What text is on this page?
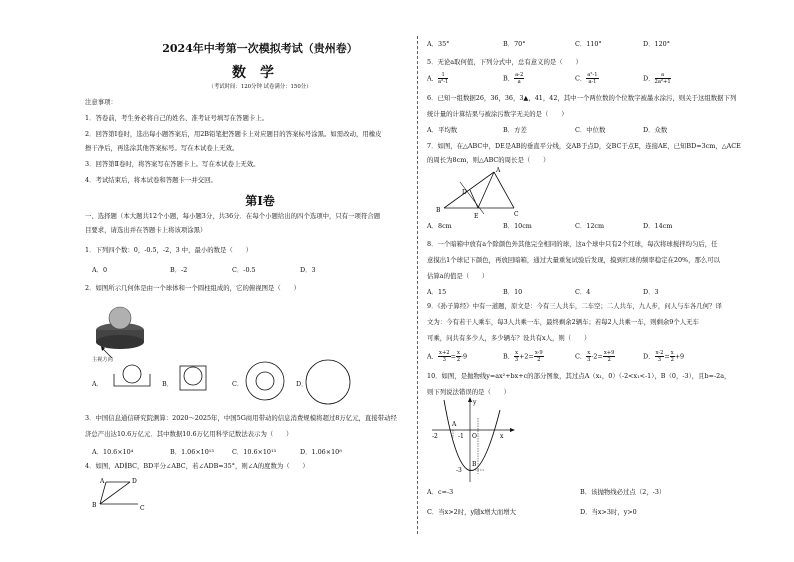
2024年中考第一次模拟考试（贵州卷）
数学
（考试时间：120分钟 试卷满分：150分）
注意事项：
1．答卷前，考生务必将自己的姓名、准考证号填写在答题卡上。
2．回答第Ⅰ卷时，选出每小题答案后，用2B铅笔把答题卡上对应题目的答案标号涂黑。如需改动，用橡皮
擦干净后，再选涂其他答案标号。写在本试卷上无效。
3．回答第Ⅱ卷时，将答案写在答题卡上。写在本试卷上无效。
4．考试结束后，将本试卷和答题卡一并交回。
第Ⅰ卷
一、选择题（本大题共12个小题，每小题3分，共36分．在每个小题给出的四个选项中，只有一项符合题
目要求，请选出并在答题卡上将该项涂黑）
1．下列四个数：0，-0.5，-2，3 中，最小的数是（　　）
A．0	B．-2	C．-0.5	D．3
2．如图所示几何体是由一个球体和一个圆柱组成的，它的俯视图是（　　）
主视方向
A．	B．	C．	D．
3．中国信息通信研究院测算：2020～2025年，中国5G商用带动的信息消费规模将超过8万亿元，直接带动经
济总产出达10.6万亿元．其中数据10.6万亿用科学记数法表示为（　　）
A．10.6×10⁴	B．1.06×10¹³	C．10.6×10¹³	D．1.06×10⁸
4．如图，AD∥BC，BD平分∠ABC，若∠ADB=35°，则∠A的度数为（　　）
A	D
B	C
A．35°	B．70°	C．110°	D．120°
5．无论a取何值，下列分式中，总有意义的是（　　）
A． $\frac{1}{\text{a²-1}}$	B． $\frac{a-2}{a}$	C． $\frac{\text{a²-1}}{a-1}$	D． $\frac{a}{\text{2a²+1}}$
6．已知一组数据26，36，36，3▲，41，42，其中一个两位数的个位数字被墨水涂污，则关于这组数据下列
统计量的计算结果与被涂污数字无关的是（　　）
A．平均数	B．方差	C．中位数	D．众数
7．如图，在△ABC中，DE是AB的垂直平分线，交AB于点D，交BC于点E，连接AE，已知BD=3cm，△ACE
的周长为8cm，则△ABC的周长是（　　）
A
D
B
E	C
A．8cm	B．10cm	C．12cm	D．14cm
8．一个暗箱中放有a个除颜色外其他完全相同的球，这a个球中只有2个红球，每次将球搅拌均匀后，任
意摸出1个球记下颜色，再放回暗箱，通过大量重复试验后发现，摸到红球的频率稳定在20%，那么可以
估算a的值是（　　）
A．15	B．10	C．4	D．3
9．《孙子算经》中有一道题，原文是：今有三人共车，二车空；二人共车，九人步，问人与车各几何？译
文为：今有若干人乘车，每3人共乘一车，最终剩余2辆车；若每2人共乘一车，则剩余9个人无车
可乘，问共有多少人，多少辆车？设共有x人，则（　　）
A． $\frac{x+2}{3} = \frac{x}{2} -9$	B． $\frac{x}{3} +2= \frac{x-9}{2}$	C． $\frac{x}{3} -2= \frac{x+9}{2}$	D． $\frac{x-2}{3} = \frac{x}{2} +9$
10．如图，是抛物线y=ax²+bx+c的部分图象，其过点A（x₁，0）（-2<x₁<-1），B（0，-3），且b=-2a，
则下列说法错误的是（　　）
y
-2
A
-1 O	x
B
-3
A．c=-3	B．该抛物线必过点（2，-3）
C．当x>2时，y随x增大而增大	D．当x>3时，y>0
